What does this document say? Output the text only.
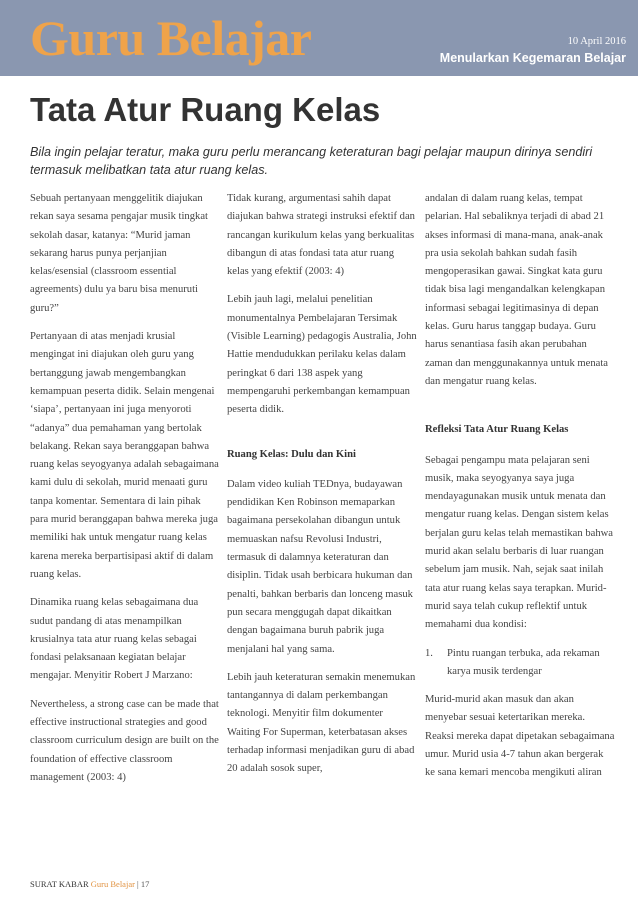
Guru Belajar	10 April 2016
Menularkan Kegemaran Belajar
Tata Atur Ruang Kelas

Bila ingin pelajar teratur, maka guru perlu merancang keteraturan bagi pelajar maupun dirinya sendiri termasuk melibatkan tata atur ruang kelas.

Sebuah pertanyaan menggelitik diajukan rekan saya sesama pengajar musik tingkat sekolah dasar, katanya: “Murid jaman sekarang harus punya perjanjian kelas/esensial (classroom essential agreements) dulu ya baru bisa menuruti guru?”

Pertanyaan di atas menjadi krusial mengingat ini diajukan oleh guru yang bertanggung jawab mengembangkan kemampuan peserta didik. Selain mengenai ‘siapa’, pertanyaan ini juga menyoroti “adanya” dua pemahaman yang bertolak belakang. Rekan saya beranggapan bahwa ruang kelas seyogyanya adalah sebagaimana kami dulu di sekolah, murid menaati guru tanpa komentar. Sementara di lain pihak para murid beranggapan bahwa mereka juga memiliki hak untuk mengatur ruang kelas karena mereka berpartisipasi aktif di dalam ruang kelas.

Dinamika ruang kelas sebagaimana dua sudut pandang di atas menampilkan krusialnya tata atur ruang kelas sebagai fondasi pelaksanaan kegiatan belajar mengajar. Menyitir Robert J Marzano:

Nevertheless, a strong case can be made that effective instructional strategies and good classroom curriculum design are built on the foundation of effective classroom management (2003: 4)

Tidak kurang, argumentasi sahih dapat diajukan bahwa strategi instruksi efektif dan rancangan kurikulum kelas yang berkualitas dibangun di atas fondasi tata atur ruang kelas yang efektif (2003: 4)

Lebih jauh lagi, melalui penelitian monumentalnya Pembelajaran Tersimak (Visible Learning) pedagogis Australia, John Hattie mendudukkan perilaku kelas dalam peringkat 6 dari 138 aspek yang mempengaruhi perkembangan kemampuan peserta didik.

Ruang Kelas: Dulu dan Kini

Dalam video kuliah TEDnya, budayawan pendidikan Ken Robinson memaparkan bagaimana persekolahan dibangun untuk memuaskan nafsu Revolusi Industri, termasuk di dalamnya keteraturan dan disiplin. Tidak usah berbicara hukuman dan penalti, bahkan berbaris dan lonceng masuk pun secara menggugah dapat dikaitkan dengan bagaimana buruh pabrik juga menjalani hal yang sama.

Lebih jauh keteraturan semakin menemukan tantangannya di dalam perkembangan teknologi. Menyitir film dokumenter Waiting For Superman, keterbatasan akses terhadap informasi menjadikan guru di abad 20 adalah sosok super,

andalan di dalam ruang kelas, tempat pelarian. Hal sebaliknya terjadi di abad 21 akses informasi di mana-mana, anak-anak pra usia sekolah bahkan sudah fasih mengoperasikan gawai. Singkat kata guru tidak bisa lagi mengandalkan kelengkapan informasi sebagai legitimasinya di depan kelas. Guru harus tanggap budaya. Guru harus senantiasa fasih akan perubahan zaman dan menggunakannya untuk menata dan mengatur ruang kelas.

Refleksi Tata Atur Ruang Kelas

Sebagai pengampu mata pelajaran seni musik, maka seyogyanya saya juga mendayagunakan musik untuk menata dan mengatur ruang kelas. Dengan sistem kelas berjalan guru kelas telah memastikan bahwa murid akan selalu berbaris di luar ruangan sebelum jam musik. Nah, sejak saat inilah tata atur ruang kelas saya terapkan. Murid-murid saya telah cukup reflektif untuk memahami dua kondisi:

1.	Pintu ruangan terbuka, ada rekaman karya musik terdengar

Murid-murid akan masuk dan akan menyebar sesuai ketertarikan mereka. Reaksi mereka dapat dipetakan sebagaimana umur. Murid usia 4-7 tahun akan bergerak ke sana kemari mencoba mengikuti aliran

SURAT KABAR Guru Belajar | 17
